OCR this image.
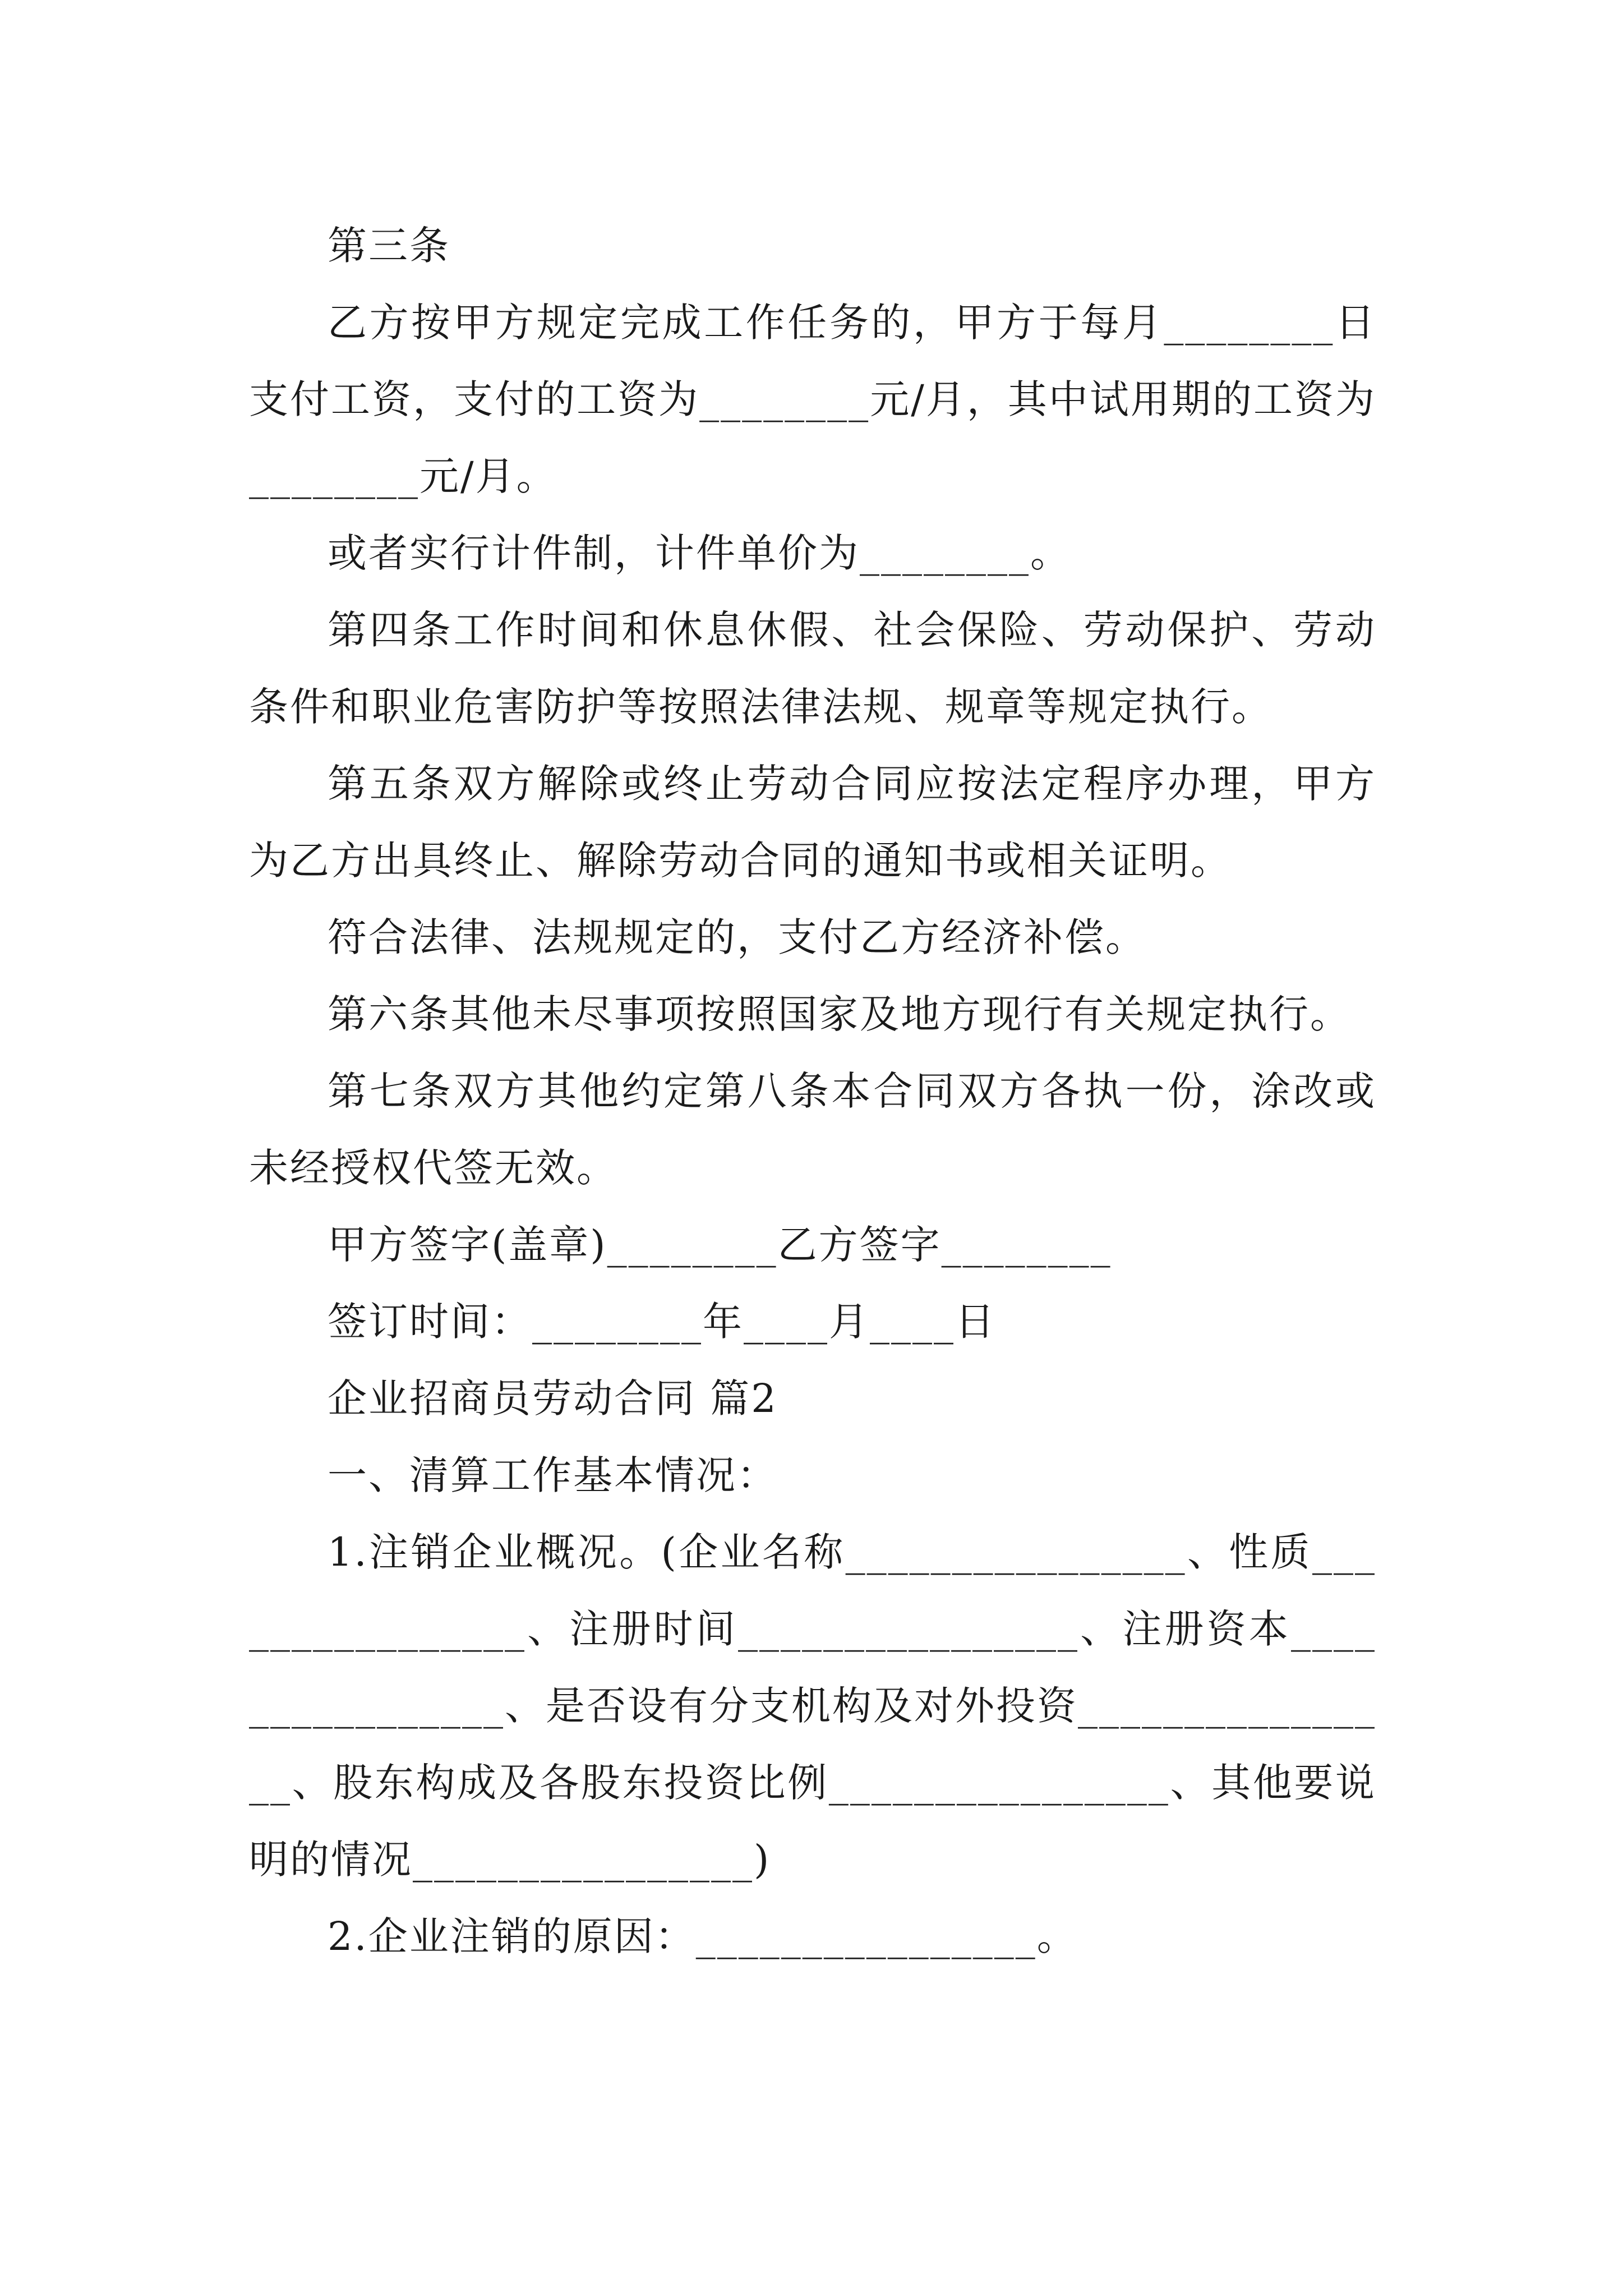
第三条

乙方按甲方规定完成工作任务的，甲方于每月________日支付工资，支付的工资为________元/月，其中试用期的工资为________元/月。

或者实行计件制，计件单价为________。

第四条工作时间和休息休假、社会保险、劳动保护、劳动条件和职业危害防护等按照法律法规、规章等规定执行。

第五条双方解除或终止劳动合同应按法定程序办理，甲方为乙方出具终止、解除劳动合同的通知书或相关证明。

符合法律、法规规定的，支付乙方经济补偿。

第六条其他未尽事项按照国家及地方现行有关规定执行。

第七条双方其他约定第八条本合同双方各执一份，涂改或未经授权代签无效。

甲方签字(盖章)________乙方签字________

签订时间：________年____月____日

企业招商员劳动合同 篇2

一、清算工作基本情况：

1.注销企业概况。(企业名称________________、性质________________、注册时间________________、注册资本________________、是否设有分支机构及对外投资________________、股东构成及各股东投资比例________________、其他要说明的情况________________)

2.企业注销的原因：________________。
